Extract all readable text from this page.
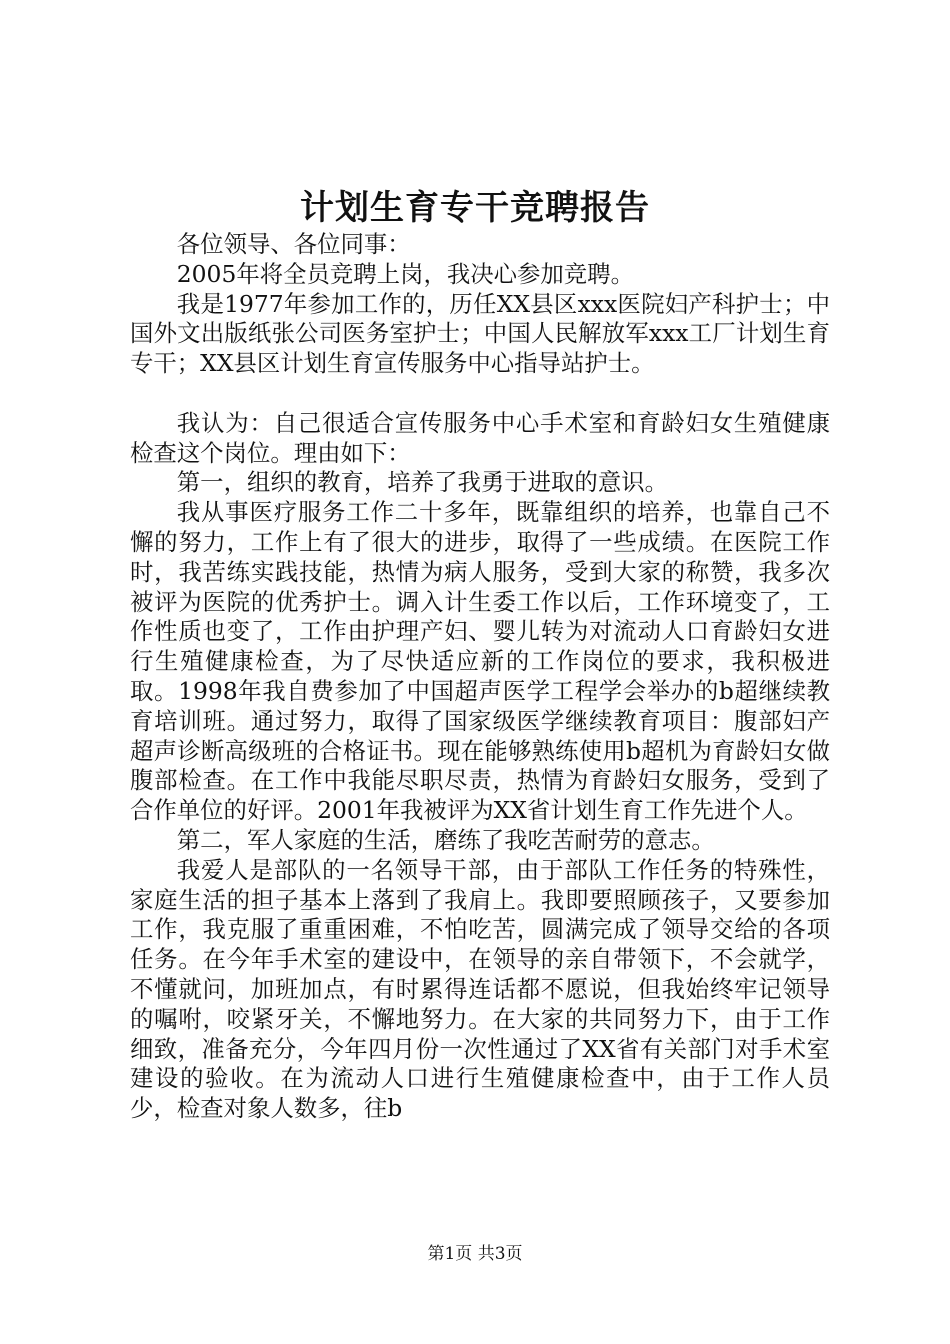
计划生育专干竞聘报告

各位领导、各位同事：

2005年将全员竞聘上岗，我决心参加竞聘。

我是1977年参加工作的，历任XX县区xxx医院妇产科护士；中国外文出版纸张公司医务室护士；中国人民解放军xxx工厂计划生育专干；XX县区计划生育宣传服务中心指导站护士。

我认为：自己很适合宣传服务中心手术室和育龄妇女生殖健康检查这个岗位。理由如下：

第一，组织的教育，培养了我勇于进取的意识。

我从事医疗服务工作二十多年，既靠组织的培养，也靠自己不懈的努力，工作上有了很大的进步，取得了一些成绩。在医院工作时，我苦练实践技能，热情为病人服务，受到大家的称赞，我多次被评为医院的优秀护士。调入计生委工作以后，工作环境变了，工作性质也变了，工作由护理产妇、婴儿转为对流动人口育龄妇女进行生殖健康检查，为了尽快适应新的工作岗位的要求，我积极进取。1998年我自费参加了中国超声医学工程学会举办的b超继续教育培训班。通过努力，取得了国家级医学继续教育项目：腹部妇产超声诊断高级班的合格证书。现在能够熟练使用b超机为育龄妇女做腹部检查。在工作中我能尽职尽责，热情为育龄妇女服务，受到了合作单位的好评。2001年我被评为XX省计划生育工作先进个人。

第二，军人家庭的生活，磨练了我吃苦耐劳的意志。

我爱人是部队的一名领导干部，由于部队工作任务的特殊性，家庭生活的担子基本上落到了我肩上。我即要照顾孩子，又要参加工作，我克服了重重困难，不怕吃苦，圆满完成了领导交给的各项任务。在今年手术室的建设中，在领导的亲自带领下，不会就学，不懂就问，加班加点，有时累得连话都不愿说，但我始终牢记领导的嘱咐，咬紧牙关，不懈地努力。在大家的共同努力下，由于工作细致，准备充分，今年四月份一次性通过了XX省有关部门对手术室建设的验收。在为流动人口进行生殖健康检查中，由于工作人员少，检查对象人数多，往b

第1页 共3页
